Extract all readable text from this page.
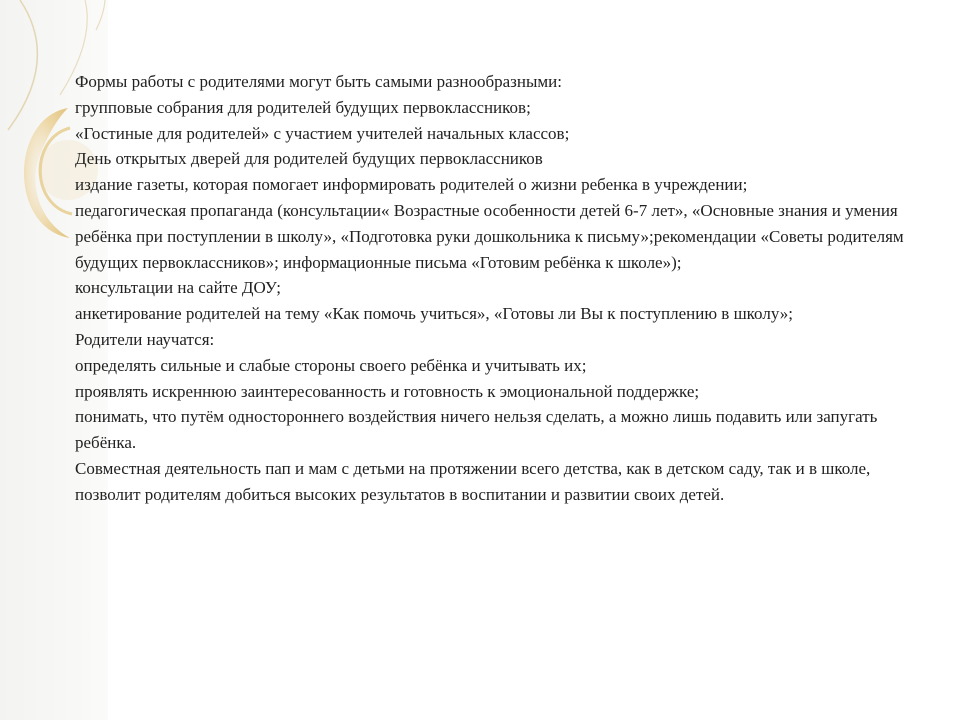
Формы работы с родителями могут быть самыми разнообразными:
групповые собрания для родителей будущих первоклассников;
«Гостиные для родителей» с участием учителей начальных классов;
День открытых дверей для родителей будущих первоклассников
издание газеты, которая помогает информировать родителей о жизни ребенка в учреждении;
педагогическая пропаганда (консультации« Возрастные особенности детей 6-7 лет», «Основные знания и умения ребёнка при поступлении в школу», «Подготовка руки дошкольника к письму»;рекомендации «Советы родителям будущих первоклассников»; информационные письма «Готовим ребёнка к школе»);
консультации на сайте ДОУ;
анкетирование родителей на тему «Как помочь учиться», «Готовы ли Вы к поступлению в школу»;
Родители научатся:
определять сильные и слабые стороны своего ребёнка и учитывать их;
проявлять искреннюю заинтересованность и готовность к эмоциональной поддержке;
понимать, что путём одностороннего воздействия ничего нельзя сделать, а можно лишь подавить или запугать ребёнка.
Совместная деятельность пап и мам с детьми на протяжении всего детства, как в детском саду, так и в школе, позволит родителям добиться высоких результатов в воспитании и развитии своих детей.
